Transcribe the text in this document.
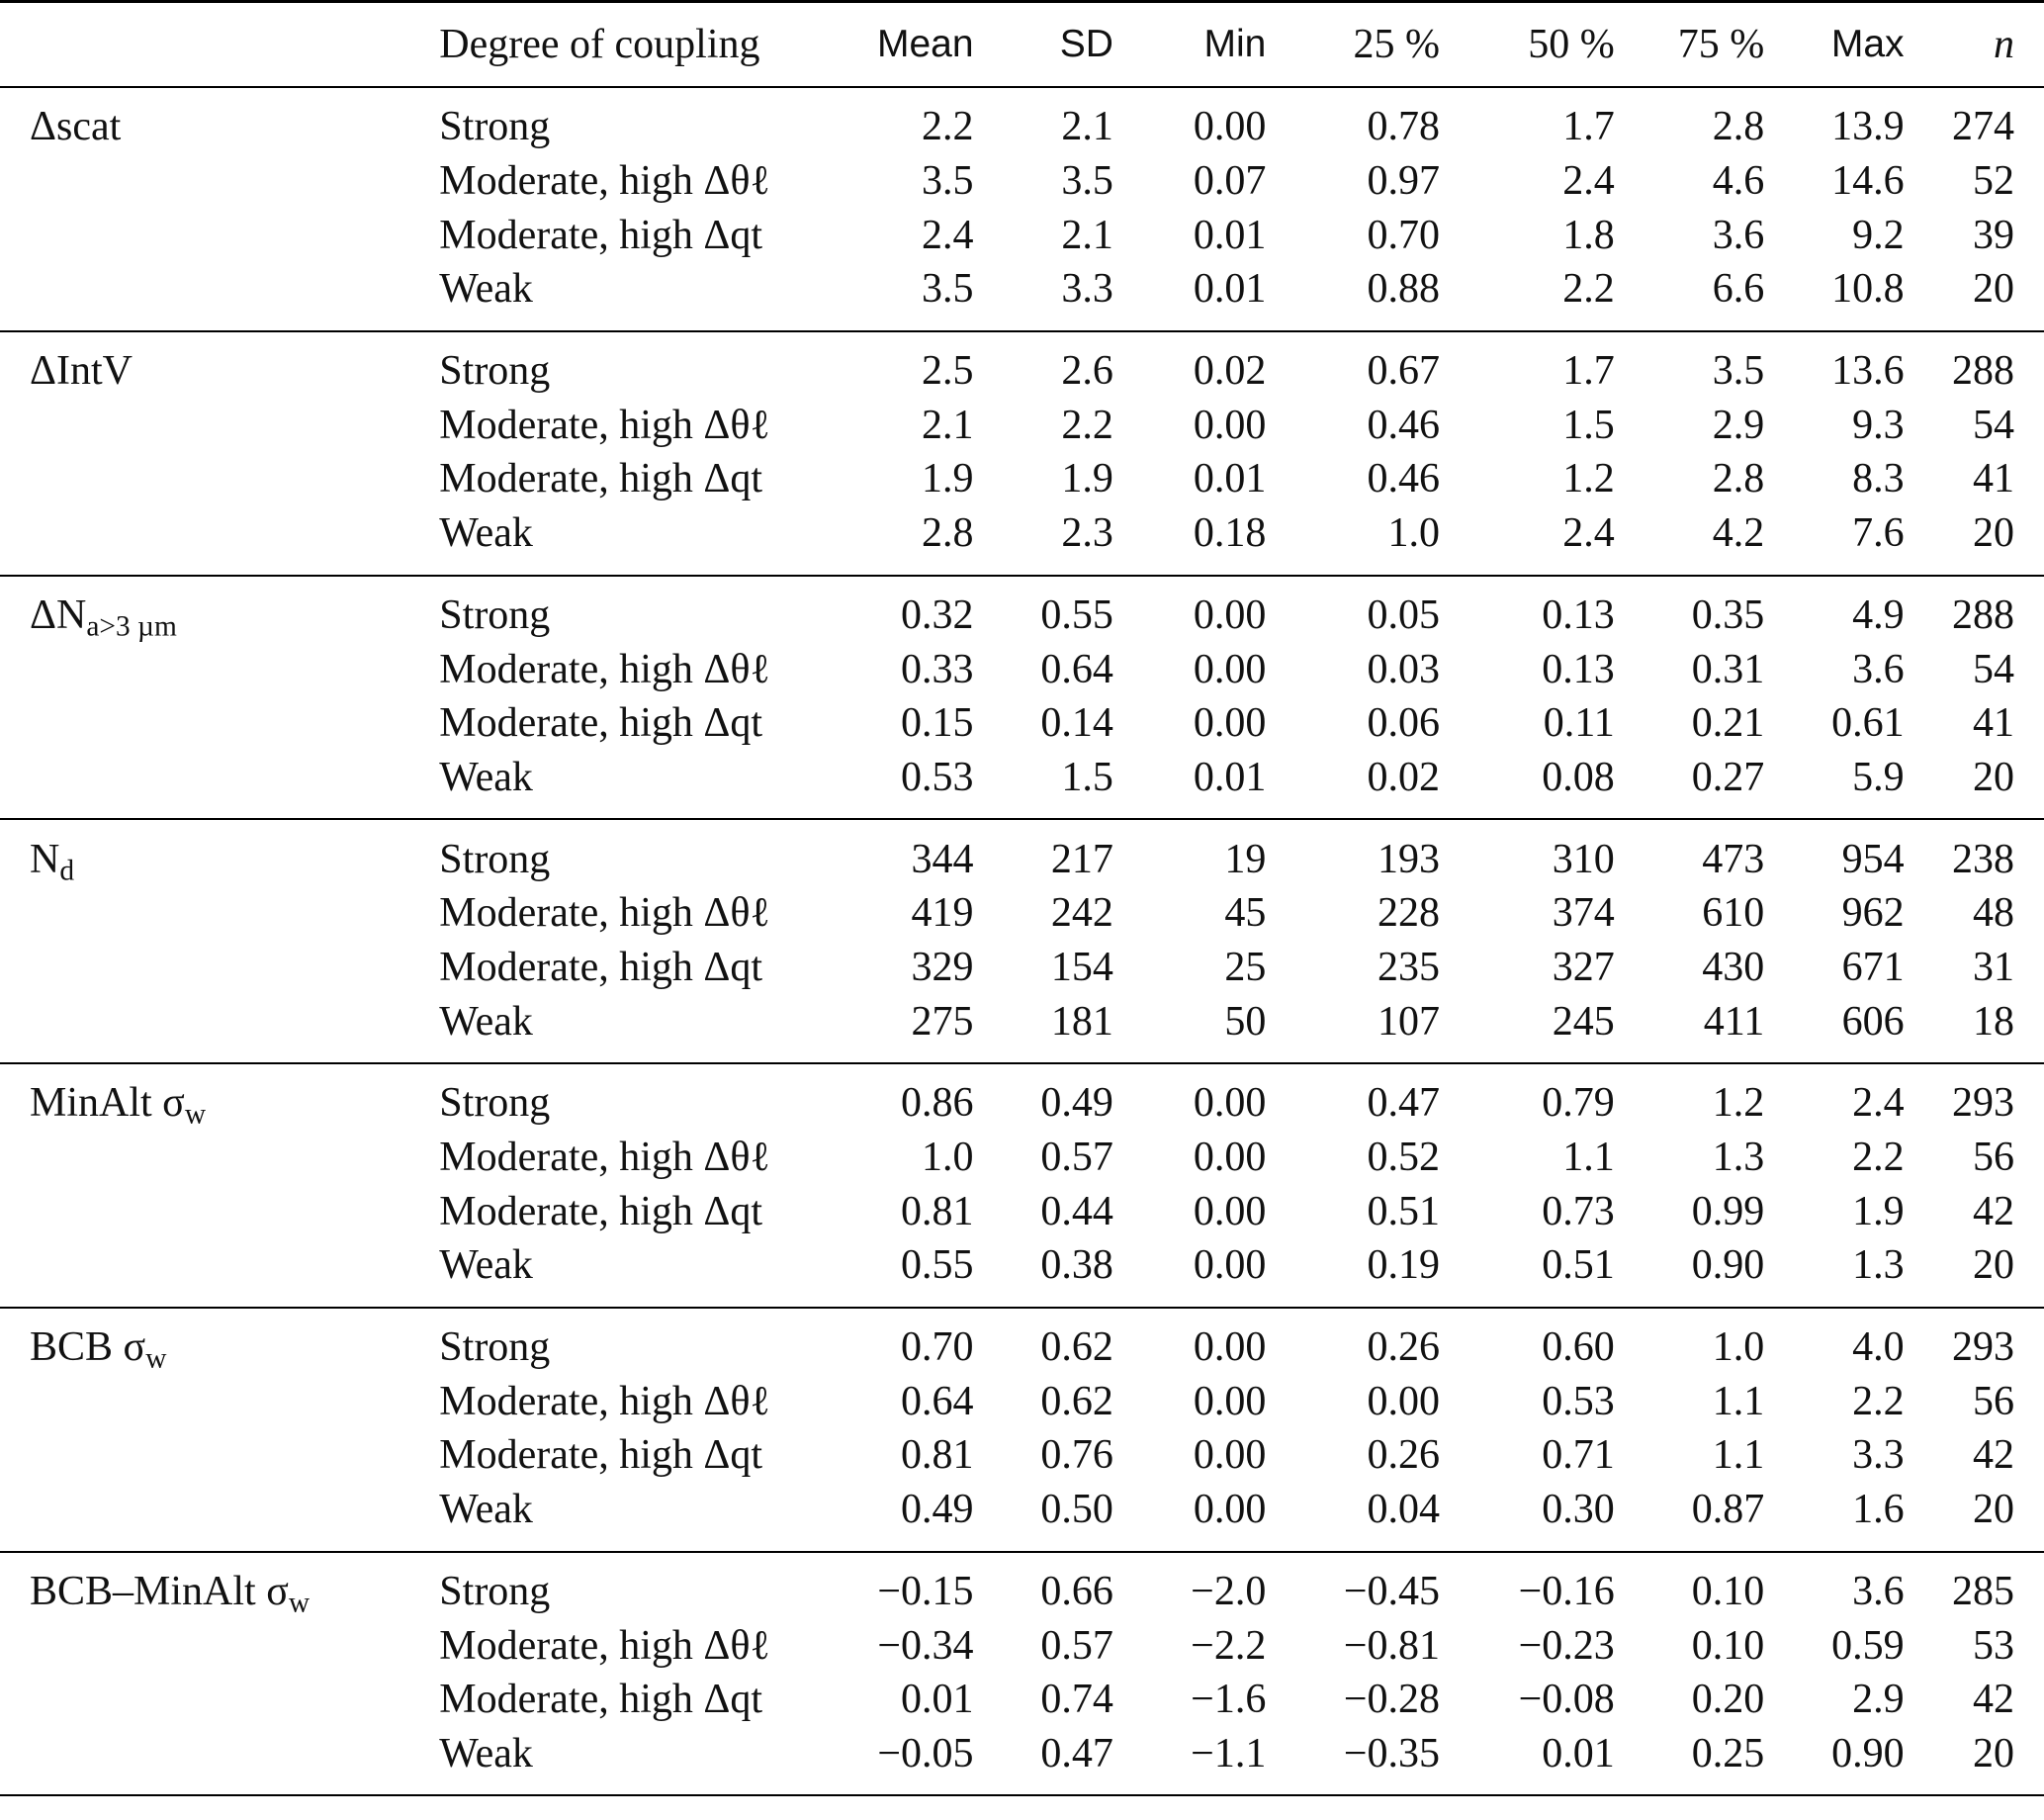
	Degree of coupling	Mean	SD	Min	25 %	50 %	75 %	Max	n
Δscat	Strong	2.2	2.1	0.00	0.78	1.7	2.8	13.9	274
	Moderate, high Δθℓ	3.5	3.5	0.07	0.97	2.4	4.6	14.6	52
	Moderate, high Δqt	2.4	2.1	0.01	0.70	1.8	3.6	9.2	39
	Weak	3.5	3.3	0.01	0.88	2.2	6.6	10.8	20
ΔIntV	Strong	2.5	2.6	0.02	0.67	1.7	3.5	13.6	288
	Moderate, high Δθℓ	2.1	2.2	0.00	0.46	1.5	2.9	9.3	54
	Moderate, high Δqt	1.9	1.9	0.01	0.46	1.2	2.8	8.3	41
	Weak	2.8	2.3	0.18	1.0	2.4	4.2	7.6	20
$\Delta N_{a>3 \mu m}$	Strong	0.32	0.55	0.00	0.05	0.13	0.35	4.9	288
	Moderate, high Δθℓ	0.33	0.64	0.00	0.03	0.13	0.31	3.6	54
	Moderate, high Δqt	0.15	0.14	0.00	0.06	0.11	0.21	0.61	41
	Weak	0.53	1.5	0.01	0.02	0.08	0.27	5.9	20
$N_d$	Strong	344	217	19	193	310	473	954	238
	Moderate, high Δθℓ	419	242	45	228	374	610	962	48
	Moderate, high Δqt	329	154	25	235	327	430	671	31
	Weak	275	181	50	107	245	411	606	18
MinAlt $\sigma_w$	Strong	0.86	0.49	0.00	0.47	0.79	1.2	2.4	293
	Moderate, high Δθℓ	1.0	0.57	0.00	0.52	1.1	1.3	2.2	56
	Moderate, high Δqt	0.81	0.44	0.00	0.51	0.73	0.99	1.9	42
	Weak	0.55	0.38	0.00	0.19	0.51	0.90	1.3	20
BCB $\sigma_w$	Strong	0.70	0.62	0.00	0.26	0.60	1.0	4.0	293
	Moderate, high Δθℓ	0.64	0.62	0.00	0.00	0.53	1.1	2.2	56
	Moderate, high Δqt	0.81	0.76	0.00	0.26	0.71	1.1	3.3	42
	Weak	0.49	0.50	0.00	0.04	0.30	0.87	1.6	20
BCB–MinAlt $\sigma_w$	Strong	−0.15	0.66	−2.0	−0.45	−0.16	0.10	3.6	285
	Moderate, high Δθℓ	−0.34	0.57	−2.2	−0.81	−0.23	0.10	0.59	53
	Moderate, high Δqt	0.01	0.74	−1.6	−0.28	−0.08	0.20	2.9	42
	Weak	−0.05	0.47	−1.1	−0.35	0.01	0.25	0.90	20
